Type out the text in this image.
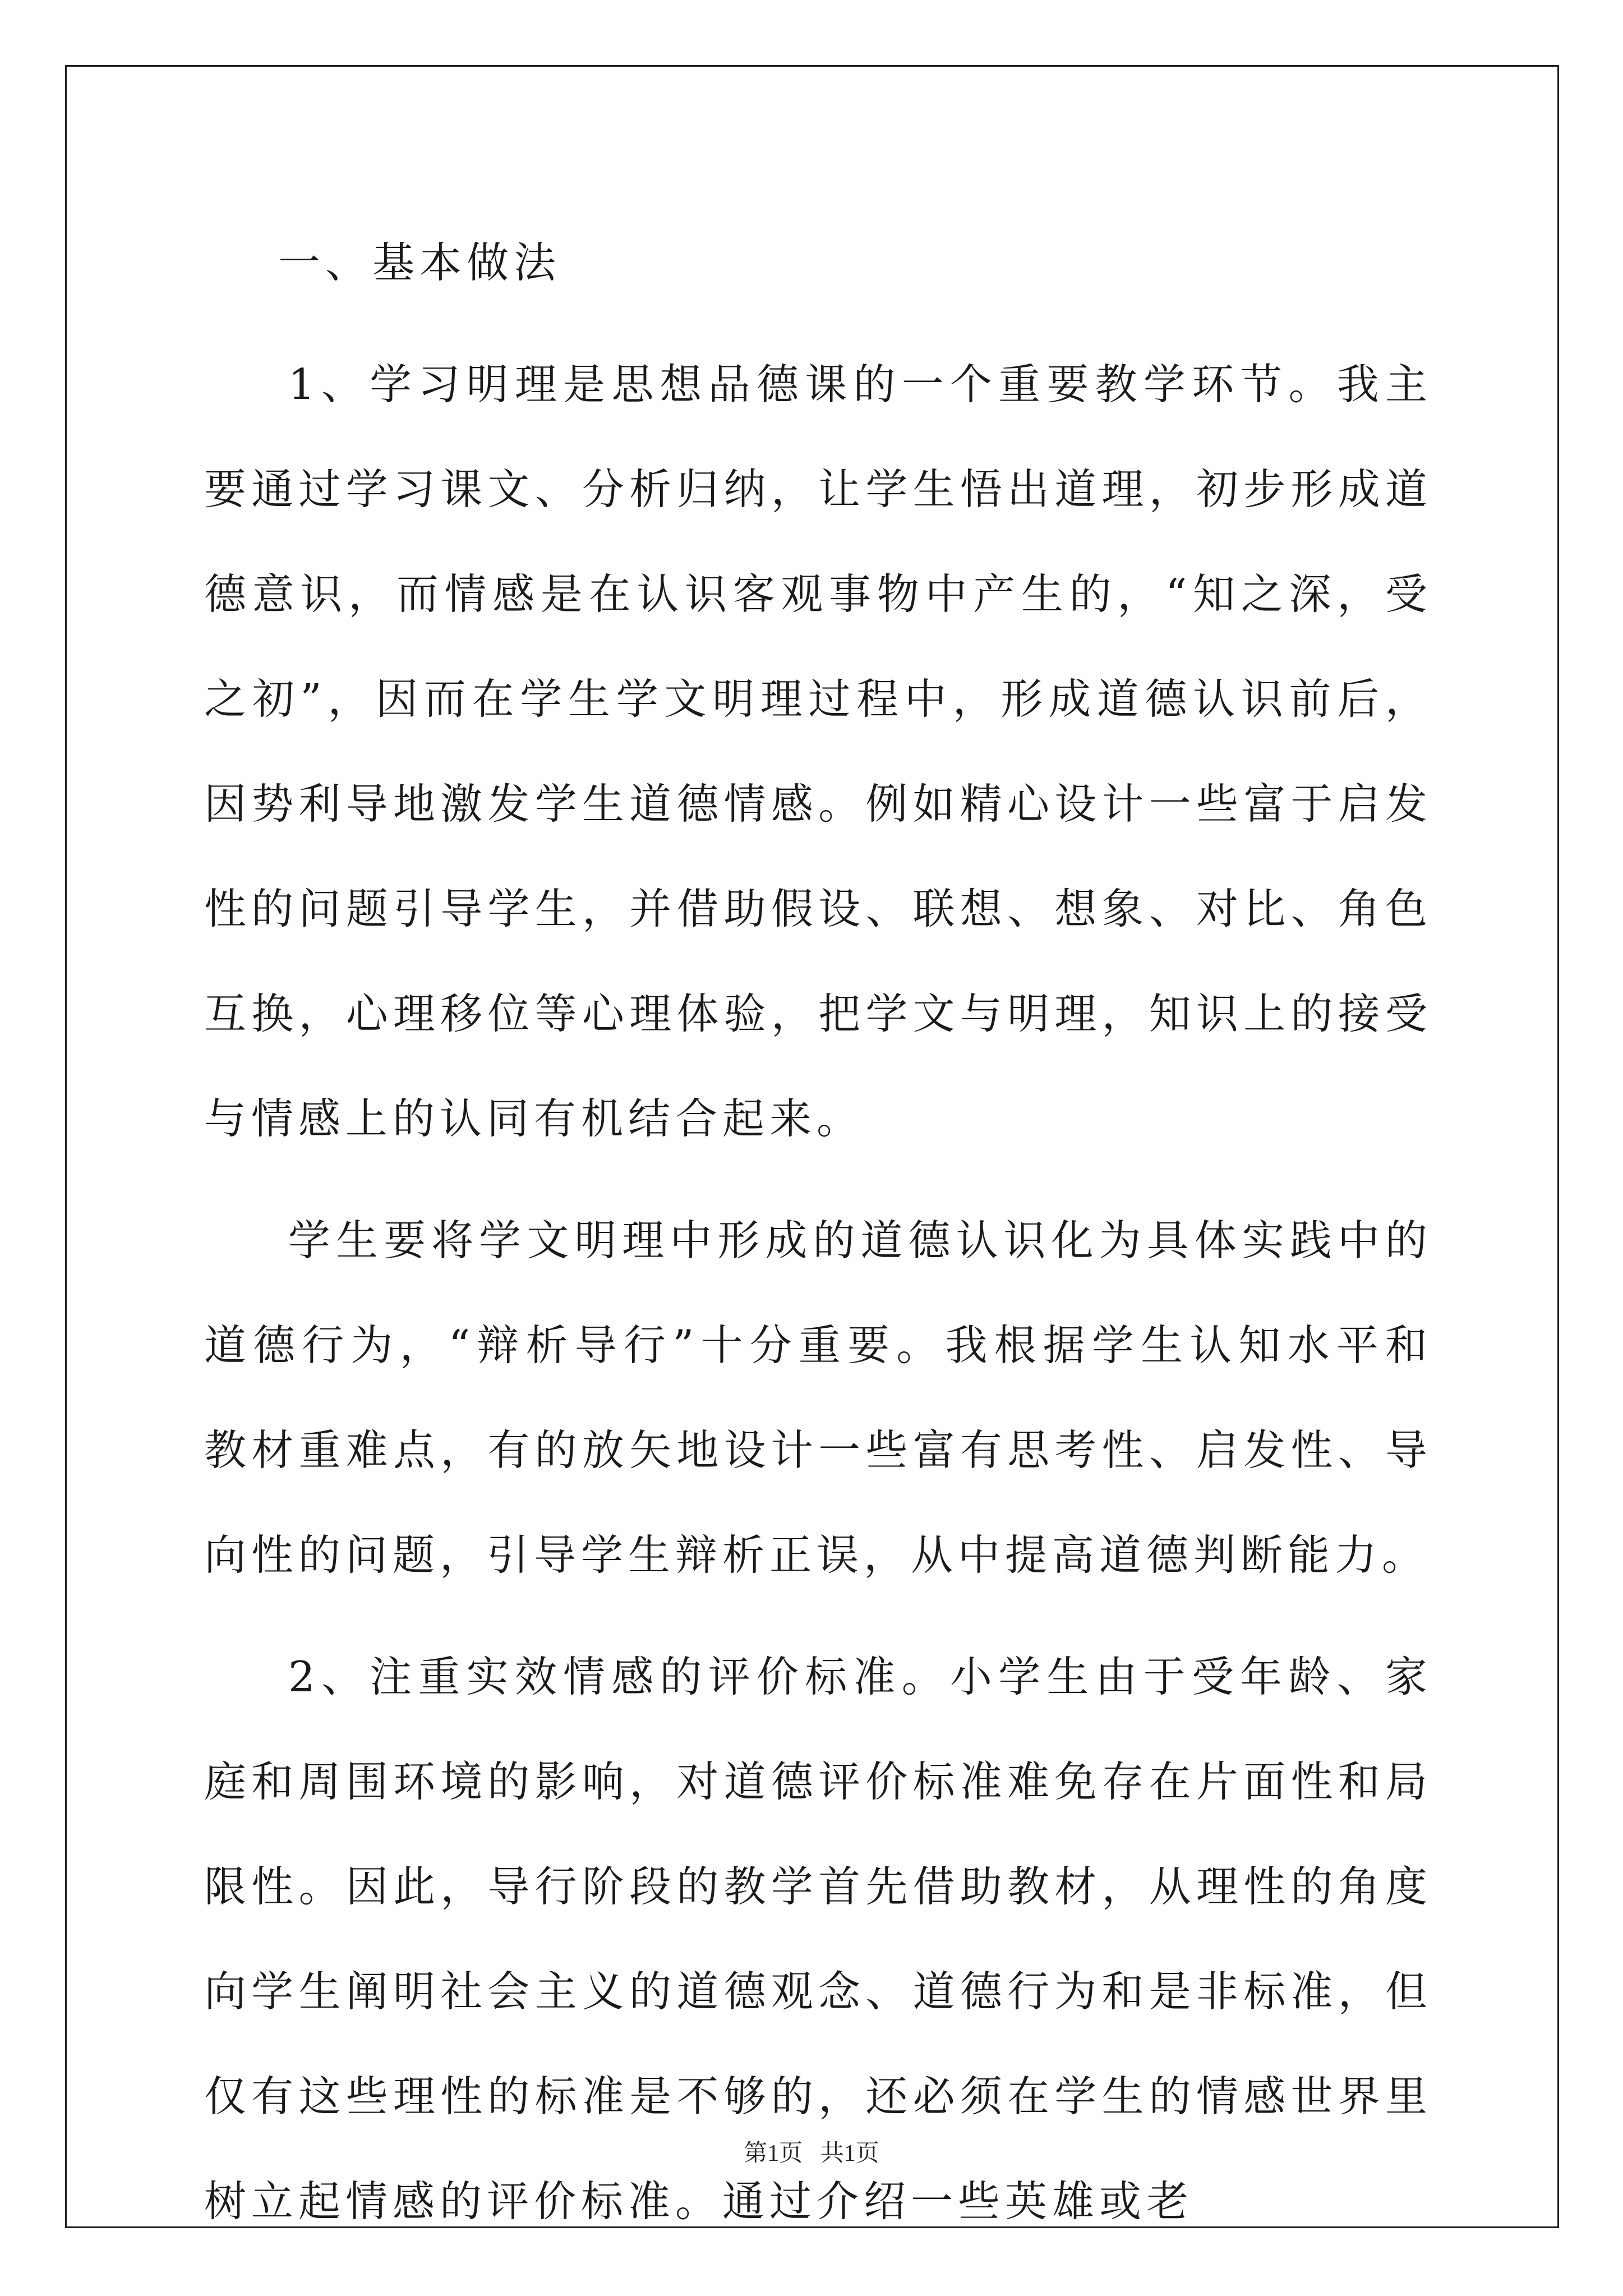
一、基本做法

1、学习明理是思想品德课的一个重要教学环节。我主要通过学习课文、分析归纳，让学生悟出道理，初步形成道德意识，而情感是在认识客观事物中产生的，“知之深，受之初”，因而在学生学文明理过程中，形成道德认识前后，因势利导地激发学生道德情感。例如精心设计一些富于启发性的问题引导学生，并借助假设、联想、想象、对比、角色互换，心理移位等心理体验，把学文与明理，知识上的接受与情感上的认同有机结合起来。

学生要将学文明理中形成的道德认识化为具体实践中的道德行为，“辩析导行”十分重要。我根据学生认知水平和教材重难点，有的放矢地设计一些富有思考性、启发性、导向性的问题，引导学生辩析正误，从中提高道德判断能力。

2、注重实效情感的评价标准。小学生由于受年龄、家庭和周围环境的影响，对道德评价标准难免存在片面性和局限性。因此，导行阶段的教学首先借助教材，从理性的角度向学生阐明社会主义的道德观念、道德行为和是非标准，但仅有这些理性的标准是不够的，还必须在学生的情感世界里树立起情感的评价标准。通过介绍一些英雄或老

第1页   共1页
